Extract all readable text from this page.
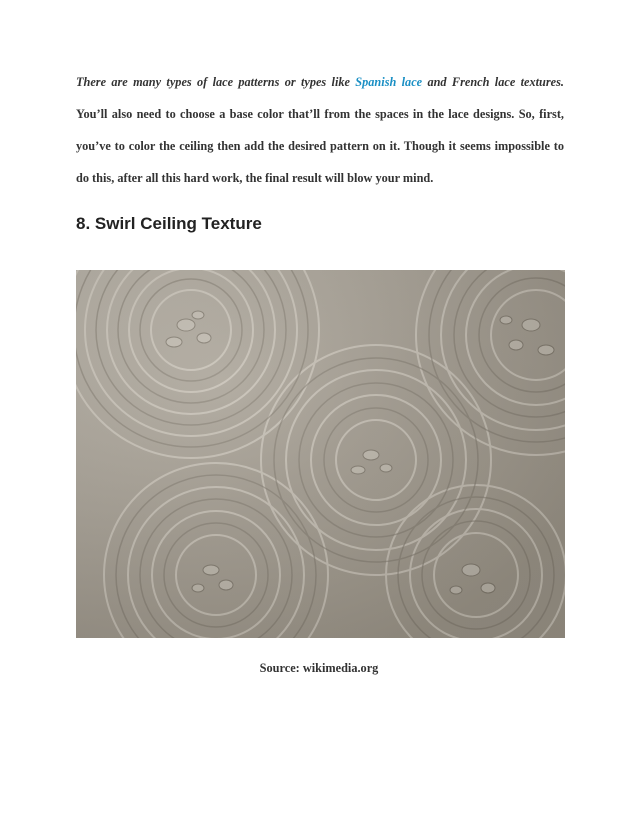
There are many types of lace patterns or types like Spanish lace and French lace textures. You’ll also need to choose a base color that’ll from the spaces in the lace designs. So, first, you’ve to color the ceiling then add the desired pattern on it. Though it seems impossible to do this, after all this hard work, the final result will blow your mind.

8. Swirl Ceiling Texture

Source: wikimedia.org
